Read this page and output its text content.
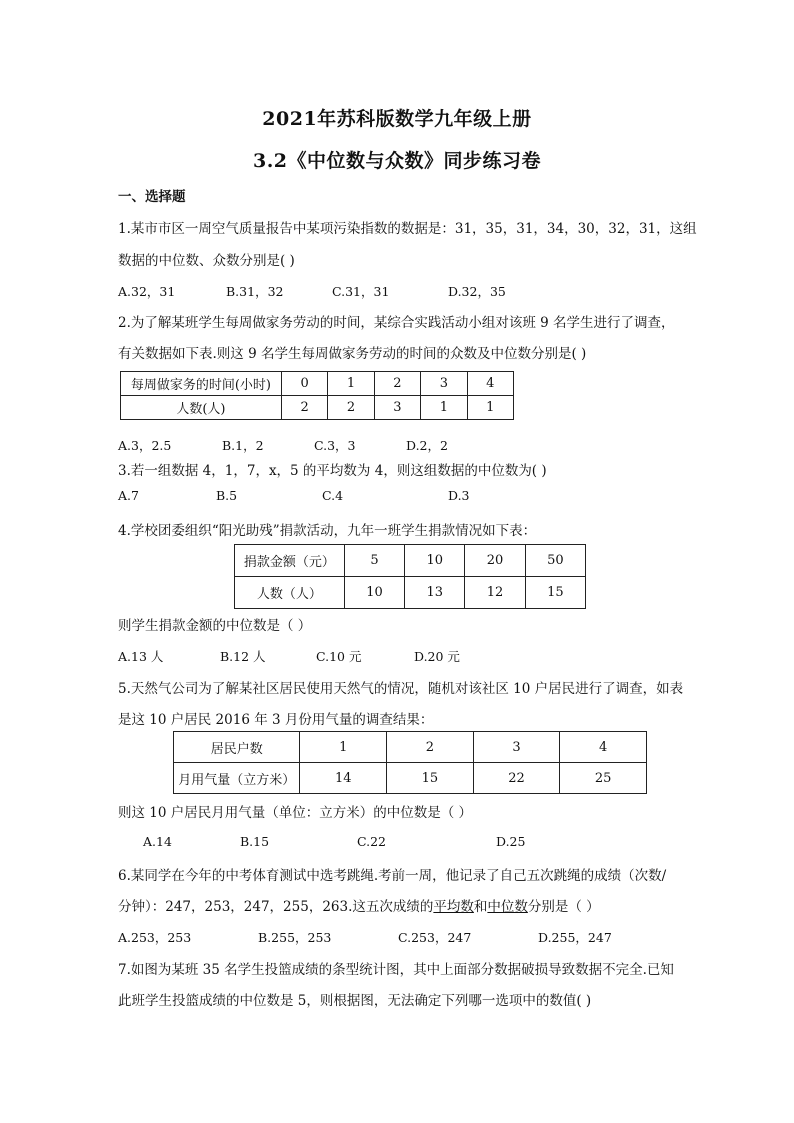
2021年苏科版数学九年级上册
3.2《中位数与众数》同步练习卷
一、选择题
1.某市市区一周空气质量报告中某项污染指数的数据是：31，35，31，34，30，32，31，这组
数据的中位数、众数分别是( )
A.32，31	B.31，32	C.31，31	D.32，35
2.为了解某班学生每周做家务劳动的时间，某综合实践活动小组对该班 9 名学生进行了调查，
有关数据如下表.则这 9 名学生每周做家务劳动的时间的众数及中位数分别是( )
每周做家务的时间(小时)	0	1	2	3	4
人数(人)	2	2	3	1	1
A.3，2.5	B.1，2	C.3，3	D.2，2
3.若一组数据 4，1，7，x，5 的平均数为 4，则这组数据的中位数为( )
A.7	B.5	C.4	D.3
4.学校团委组织“阳光助残”捐款活动，九年一班学生捐款情况如下表：
捐款金额（元）	5	10	20	50
人数（人）	10	13	12	15
则学生捐款金额的中位数是（ ）
A.13 人	B.12 人	C.10 元	D.20 元
5.天然气公司为了解某社区居民使用天然气的情况，随机对该社区 10 户居民进行了调查，如表
是这 10 户居民 2016 年 3 月份用气量的调查结果：
居民户数	1	2	3	4
月用气量（立方米）	14	15	22	25
则这 10 户居民月用气量（单位：立方米）的中位数是（ ）
A.14	B.15	C.22	D.25
6.某同学在今年的中考体育测试中选考跳绳.考前一周，他记录了自己五次跳绳的成绩（次数/
分钟）：247，253，247，255，263.这五次成绩的平均数和中位数分别是（ ）
A.253，253	B.255，253	C.253，247	D.255，247
7.如图为某班 35 名学生投篮成绩的条型统计图，其中上面部分数据破损导致数据不完全.已知
此班学生投篮成绩的中位数是 5，则根据图，无法确定下列哪一选项中的数值( )
